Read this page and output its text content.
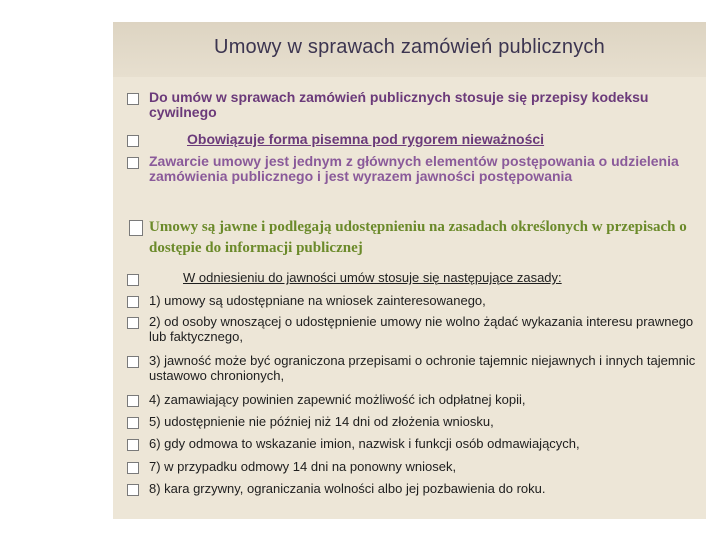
Umowy w sprawach zamówień publicznych
Do umów w sprawach zamówień publicznych stosuje się przepisy kodeksu cywilnego
Obowiązuje forma pisemna pod rygorem nieważności
Zawarcie umowy jest jednym z głównych elementów postępowania o udzielenia zamówienia publicznego i jest wyrazem jawności postępowania
Umowy są jawne i podlegają udostępnieniu na zasadach określonych w przepisach o dostępie do informacji publicznej
W odniesieniu do jawności umów stosuje się następujące zasady:
1) umowy są udostępniane na wniosek zainteresowanego,
2) od osoby wnoszącej o udostępnienie umowy nie wolno żądać wykazania interesu prawnego lub faktycznego,
3) jawność może być ograniczona przepisami o ochronie tajemnic niejawnych i innych tajemnic ustawowo chronionych,
4) zamawiający powinien zapewnić możliwość ich odpłatnej kopii,
5) udostępnienie nie później niż 14 dni od złożenia wniosku,
6) gdy odmowa to wskazanie imion, nazwisk i funkcji osób odmawiających,
7) w przypadku odmowy 14 dni na ponowny wniosek,
8) kara grzywny, ograniczania wolności albo jej pozbawienia do roku.
